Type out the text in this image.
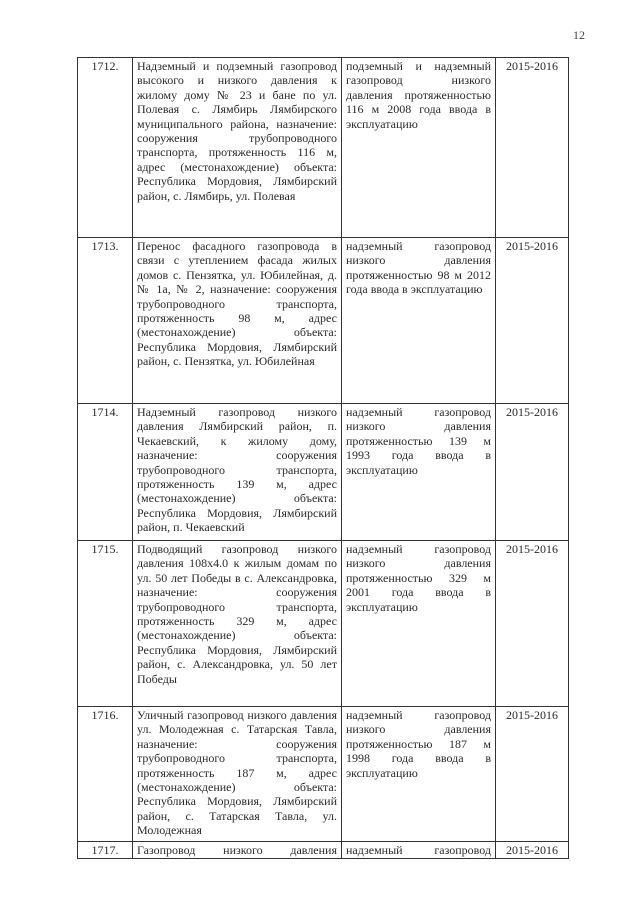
12
1712.	Надземный и подземный газопровод высокого и низкого давления к жилому дому № 23 и бане по ул. Полевая с. Лямбирь Лямбирского муниципального района, назначение: сооружения трубопроводного транспорта, протяженность 116 м, адрес (местонахождение) объекта: Республика Мордовия, Лямбирский район, с. Лямбирь, ул. Полевая	подземный и надземный газопровод низкого давления протяженностью 116 м 2008 года ввода в эксплуатацию	2015-2016
1713.	Перенос фасадного газопровода в связи с утеплением фасада жилых домов с. Пензятка, ул. Юбилейная, д. № 1а, № 2, назначение: сооружения трубопроводного транспорта, протяженность 98 м, адрес (местонахождение) объекта: Республика Мордовия, Лямбирский район, с. Пензятка, ул. Юбилейная	надземный газопровод низкого давления протяженностью 98 м 2012 года ввода в эксплуатацию	2015-2016
1714.	Надземный газопровод низкого давления Лямбирский район, п. Чекаевский, к жилому дому, назначение: сооружения трубопроводного транспорта, протяженность 139 м, адрес (местонахождение) объекта: Республика Мордовия, Лямбирский район, п. Чекаевский	надземный газопровод низкого давления протяженностью 139 м 1993 года ввода в эксплуатацию	2015-2016
1715.	Подводящий газопровод низкого давления 108х4.0 к жилым домам по ул. 50 лет Победы в с. Александровка, назначение: сооружения трубопроводного транспорта, протяженность 329 м, адрес (местонахождение) объекта: Республика Мордовия, Лямбирский район, с. Александровка, ул. 50 лет Победы	надземный газопровод низкого давления протяженностью 329 м 2001 года ввода в эксплуатацию	2015-2016
1716.	Уличный газопровод низкого давления ул. Молодежная с. Татарская Тавла, назначение: сооружения трубопроводного транспорта, протяженность 187 м, адрес (местонахождение) объекта: Республика Мордовия, Лямбирский район, с. Татарская Тавла, ул. Молодежная	надземный газопровод низкого давления протяженностью 187 м 1998 года ввода в эксплуатацию	2015-2016
1717.	Газопровод низкого давления	надземный газопровод	2015-2016
